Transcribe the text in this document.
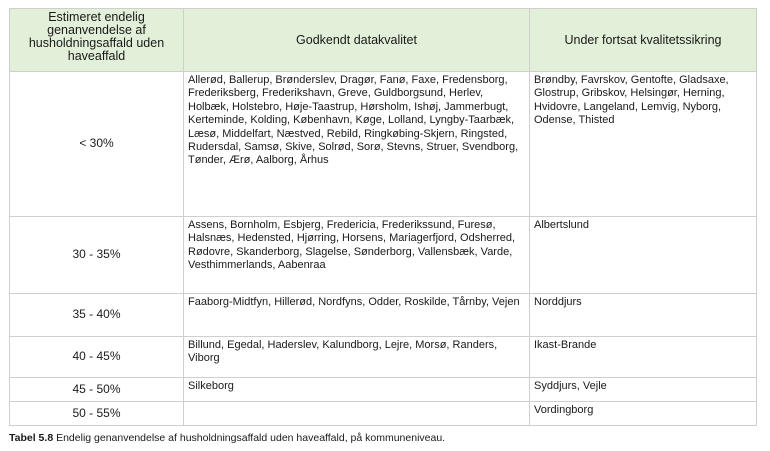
Estimeret endelig genanvendelse af husholdningsaffald uden haveaffald	Godkendt datakvalitet	Under fortsat kvalitetssikring
< 30%	Allerød, Ballerup, Brønderslev, Dragør, Fanø, Faxe, Fredensborg, Frederiksberg, Frederikshavn, Greve, Guldborgsund, Herlev, Holbæk, Holstebro, Høje-Taastrup, Hørsholm, Ishøj, Jammerbugt, Kerteminde, Kolding, København, Køge, Lolland, Lyngby-Taarbæk, Læsø, Middelfart, Næstved, Rebild, Ringkøbing-Skjern, Ringsted, Rudersdal, Samsø, Skive, Solrød, Sorø, Stevns, Struer, Svendborg, Tønder, Ærø, Aalborg, Århus	Brøndby, Favrskov, Gentofte, Gladsaxe, Glostrup, Gribskov, Helsingør, Herning, Hvidovre, Langeland, Lemvig, Nyborg, Odense, Thisted
30 - 35%	Assens, Bornholm, Esbjerg, Fredericia, Frederikssund, Furesø, Halsnæs, Hedensted, Hjørring, Horsens, Mariagerfjord, Odsherred, Rødovre, Skanderborg, Slagelse, Sønderborg, Vallensbæk, Varde, Vesthimmerlands, Aabenraa	Albertslund
35 - 40%	Faaborg-Midtfyn, Hillerød, Nordfyns, Odder, Roskilde, Tårnby, Vejen	Norddjurs
40 - 45%	Billund, Egedal, Haderslev, Kalundborg, Lejre, Morsø, Randers, Viborg	Ikast-Brande
45 - 50%	Silkeborg	Syddjurs, Vejle
50 - 55%		Vordingborg
Tabel 5.8 Endelig genanvendelse af husholdningsaffald uden haveaffald, på kommuneniveau.
